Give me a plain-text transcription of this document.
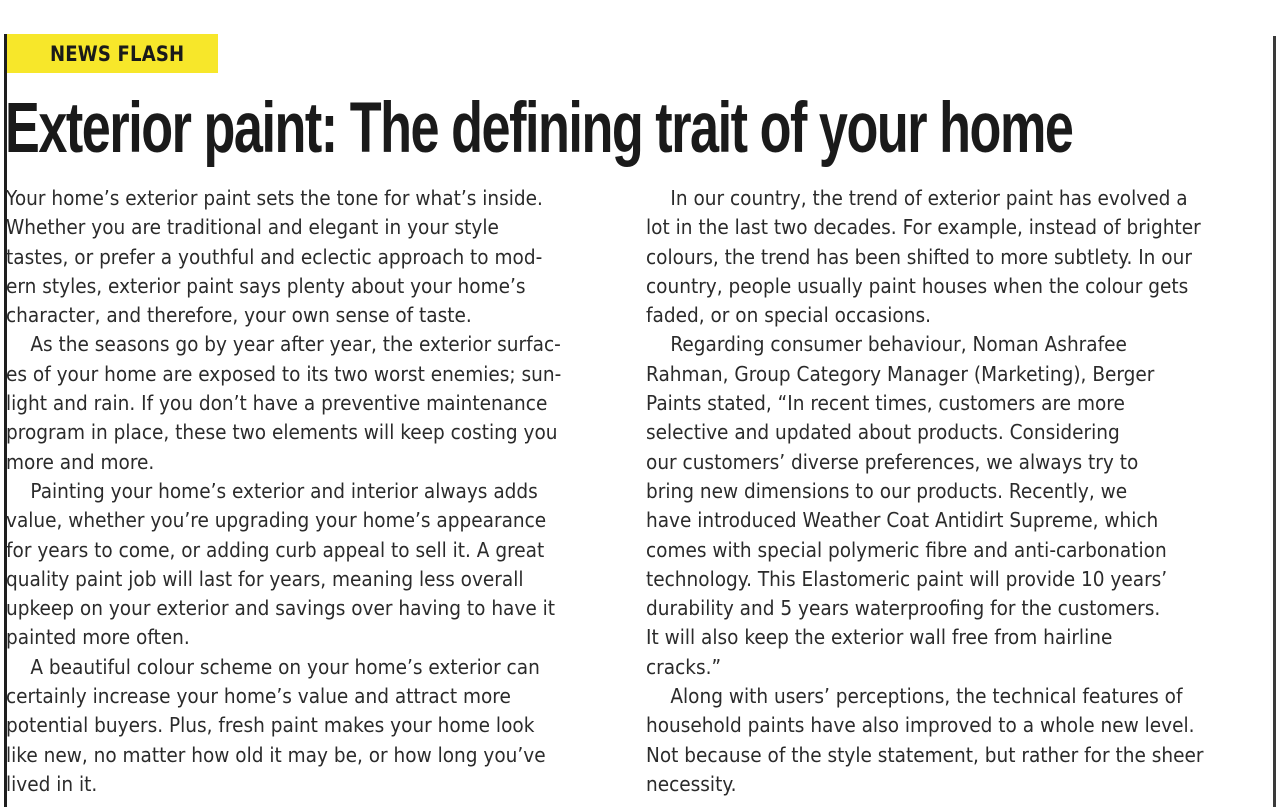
NEWS FLASH
Exterior paint: The defining trait of your home
Your home’s exterior paint sets the tone for what’s inside.
Whether you are traditional and elegant in your style
tastes, or prefer a youthful and eclectic approach to mod-
ern styles, exterior paint says plenty about your home’s
character, and therefore, your own sense of taste.
  As the seasons go by year after year, the exterior surfac-
es of your home are exposed to its two worst enemies; sun-
light and rain. If you don’t have a preventive maintenance
program in place, these two elements will keep costing you
more and more.
  Painting your home’s exterior and interior always adds
value, whether you’re upgrading your home’s appearance
for years to come, or adding curb appeal to sell it. A great
quality paint job will last for years, meaning less overall
upkeep on your exterior and savings over having to have it
painted more often.
  A beautiful colour scheme on your home’s exterior can
certainly increase your home’s value and attract more
potential buyers. Plus, fresh paint makes your home look
like new, no matter how old it may be, or how long you’ve
lived in it.
  In our country, the trend of exterior paint has evolved a
lot in the last two decades. For example, instead of brighter
colours, the trend has been shifted to more subtlety. In our
country, people usually paint houses when the colour gets
faded, or on special occasions.
  Regarding consumer behaviour, Noman Ashrafee
Rahman, Group Category Manager (Marketing), Berger
Paints stated, “In recent times, customers are more
selective and updated about products. Considering
our customers’ diverse preferences, we always try to
bring new dimensions to our products. Recently, we
have introduced Weather Coat Antidirt Supreme, which
comes with special polymeric fibre and anti-carbonation
technology. This Elastomeric paint will provide 10 years’
durability and 5 years waterproofing for the customers.
It will also keep the exterior wall free from hairline
cracks.”
  Along with users’ perceptions, the technical features of
household paints have also improved to a whole new level.
Not because of the style statement, but rather for the sheer
necessity.
